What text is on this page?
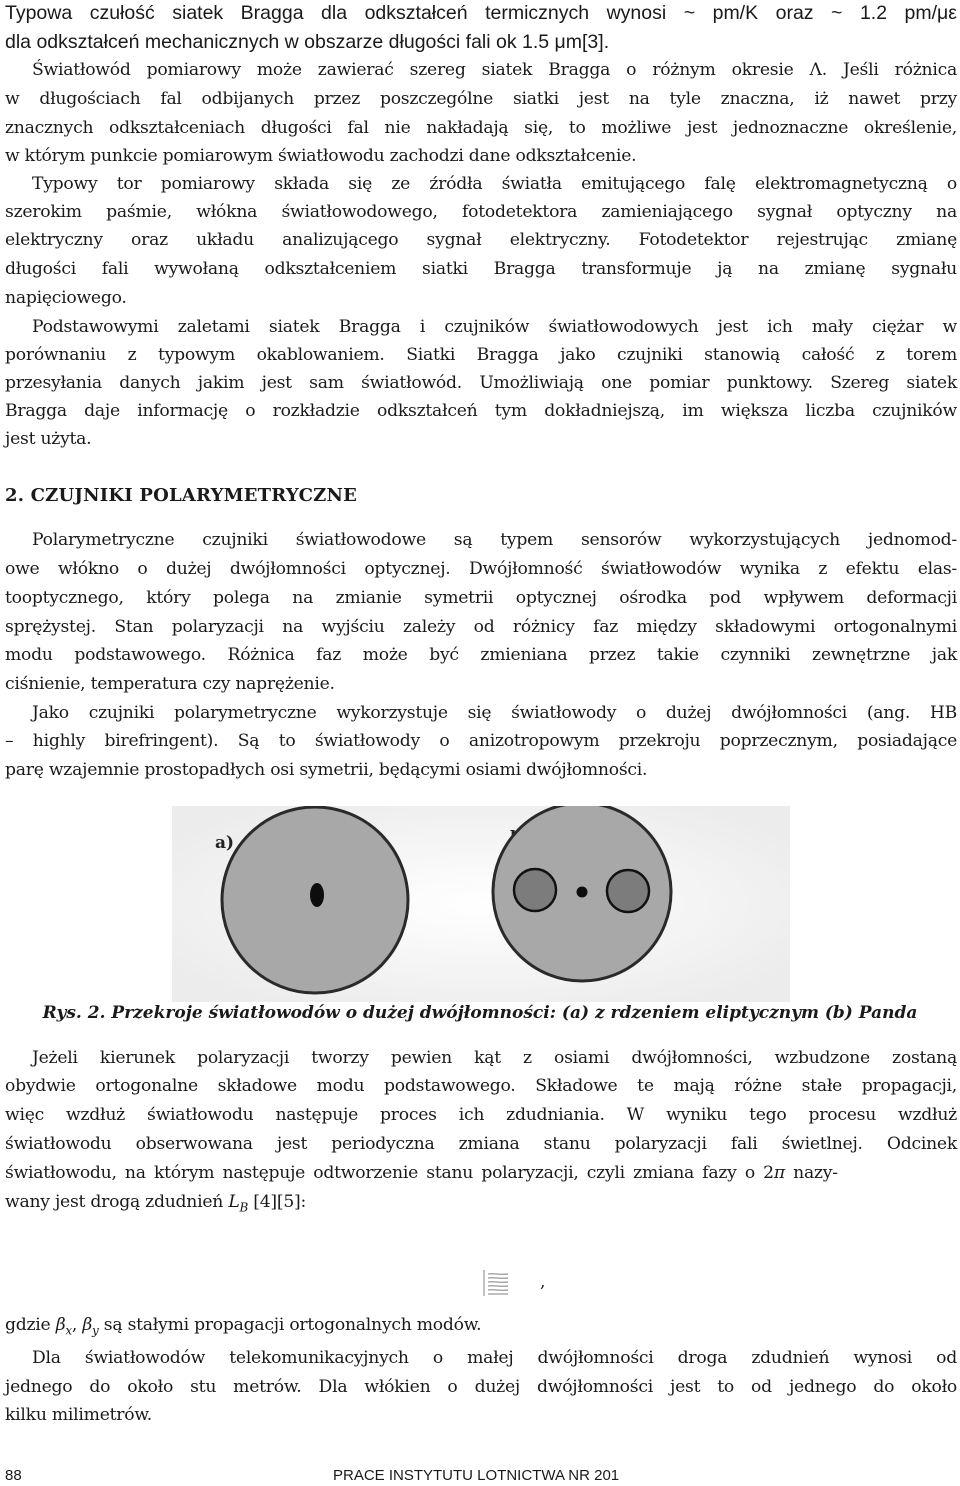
Typowa czułość siatek Bragga dla odkształceń termicznych wynosi ~ pm/K oraz ~ 1.2 pm/με
dla odkształceń mechanicznych w obszarze długości fali ok 1.5 μm[3].
Światłowód pomiarowy może zawierać szereg siatek Bragga o różnym okresie Λ. Jeśli różnica
w długościach fal odbijanych przez poszczególne siatki jest na tyle znaczna, iż nawet przy
znacznych odkształceniach długości fal nie nakładają się, to możliwe jest jednoznaczne określenie,
w którym punkcie pomiarowym światłowodu zachodzi dane odkształcenie.
Typowy tor pomiarowy składa się ze źródła światła emitującego falę elektromagnetyczną o
szerokim paśmie, włókna światłowodowego, fotodetektora zamieniającego sygnał optyczny na
elektryczny oraz układu analizującego sygnał elektryczny. Fotodetektor rejestrując zmianę
długości fali wywołaną odkształceniem siatki Bragga transformuje ją na zmianę sygnału
napięciowego.
Podstawowymi zaletami siatek Bragga i czujników światłowodowych jest ich mały ciężar w
porównaniu z typowym okablowaniem. Siatki Bragga jako czujniki stanowią całość z torem
przesyłania danych jakim jest sam światłowód. Umożliwiają one pomiar punktowy. Szereg siatek
Bragga daje informację o rozkładzie odkształceń tym dokładniejszą, im większa liczba czujników
jest użyta.
2. CZUJNIKI POLARYMETRYCZNE
Polarymetryczne czujniki światłowodowe są typem sensorów wykorzystujących jednomod-
owe włókno o dużej dwójłomności optycznej. Dwójłomność światłowodów wynika z efektu elas-
tooptycznego, który polega na zmianie symetrii optycznej ośrodka pod wpływem deformacji
sprężystej. Stan polaryzacji na wyjściu zależy od różnicy faz między składowymi ortogonalnymi
modu podstawowego. Różnica faz może być zmieniana przez takie czynniki zewnętrzne jak
ciśnienie, temperatura czy naprężenie.
Jako czujniki polarymetryczne wykorzystuje się światłowody o dużej dwójłomności (ang. HB
– highly birefringent). Są to światłowody o anizotropowym przekroju poprzecznym, posiadające
parę wzajemnie prostopadłych osi symetrii, będącymi osiami dwójłomności.
a)
Rys. 2. Przekroje światłowodów o dużej dwójłomności: (a) z rdzeniem eliptycznym (b) Panda
Jeżeli kierunek polaryzacji tworzy pewien kąt z osiami dwójłomności, wzbudzone zostaną
obydwie ortogonalne składowe modu podstawowego. Składowe te mają różne stałe propagacji,
więc wzdłuż światłowodu następuje proces ich zdudniania. W wyniku tego procesu wzdłuż
światłowodu obserwowana jest periodyczna zmiana stanu polaryzacji fali świetlnej. Odcinek
światłowodu, na którym następuje odtworzenie stanu polaryzacji, czyli zmiana fazy o 2π nazy-
wany jest drogą zdudnień $L_B$ [4][5]:
,
gdzie $\beta_x$, $\beta_y$ są stałymi propagacji ortogonalnych modów.
Dla światłowodów telekomunikacyjnych o małej dwójłomności droga zdudnień wynosi od
jednego do około stu metrów. Dla włókien o dużej dwójłomności jest to od jednego do około
kilku milimetrów.
88	PRACE INSTYTUTU LOTNICTWA NR 201
